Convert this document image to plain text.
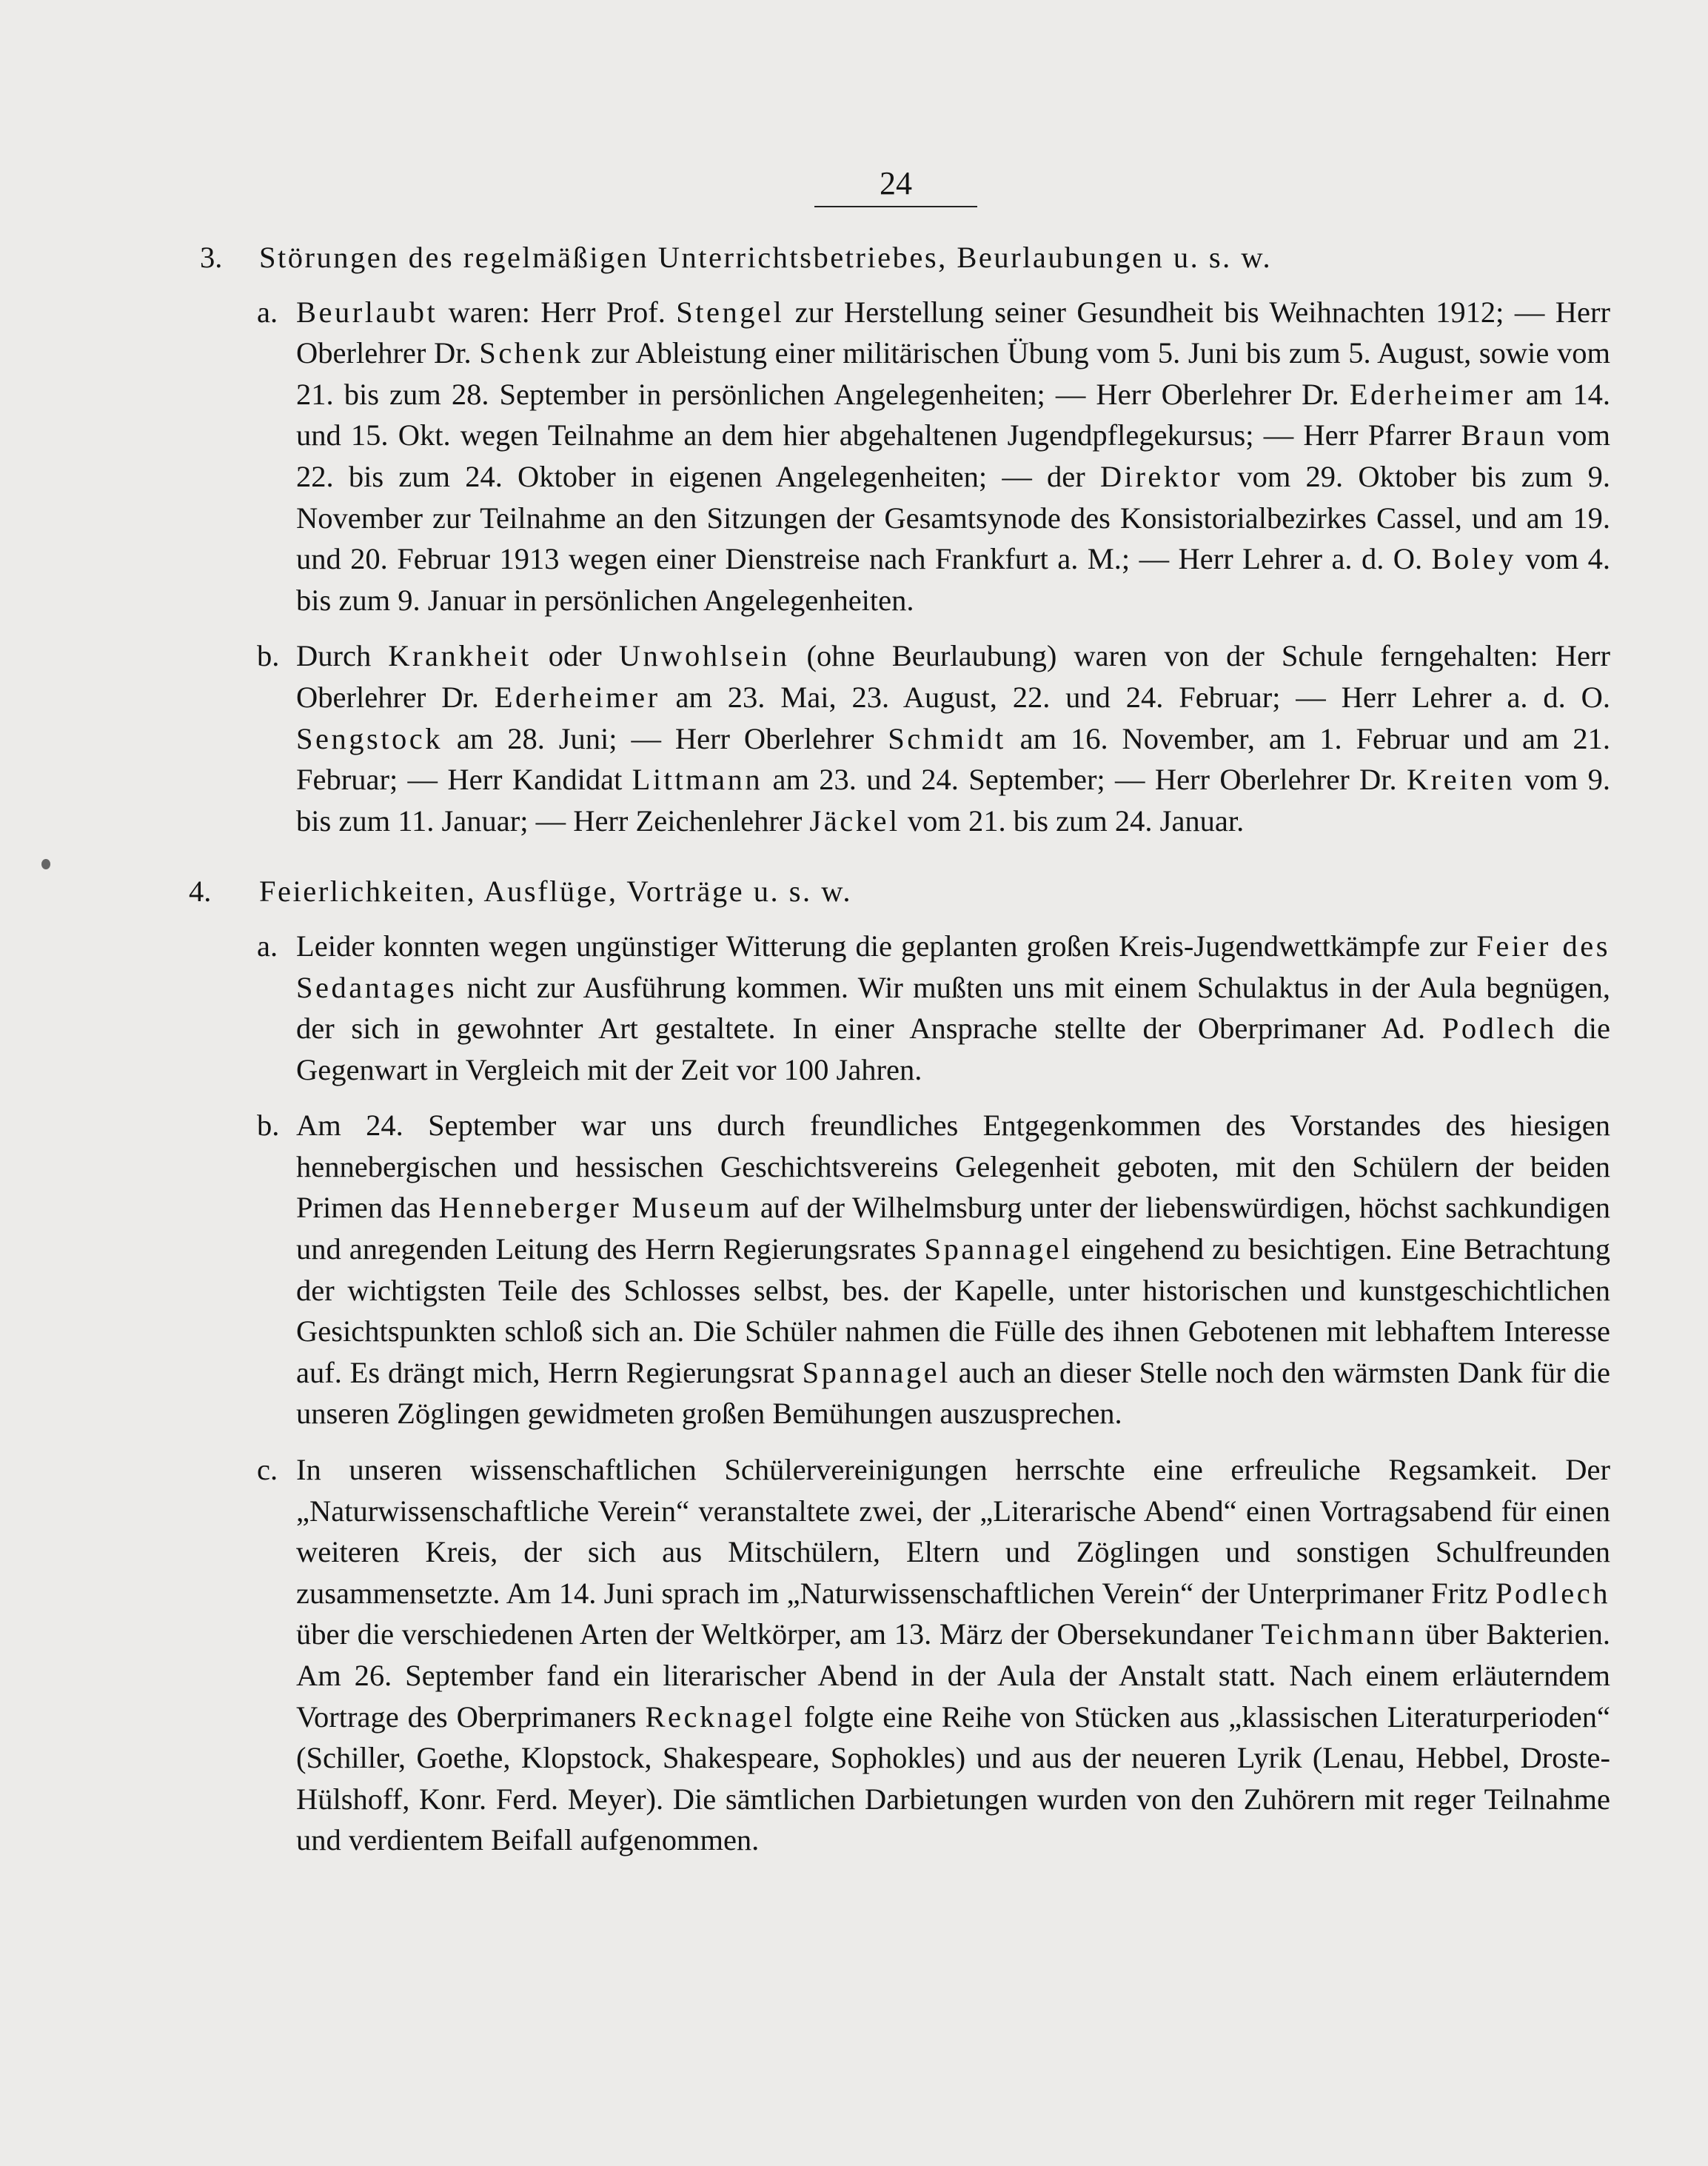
24
3. Störungen des regelmäßigen Unterrichtsbetriebes, Beurlaubungen u. s. w.
a. Beurlaubt waren: Herr Prof. Stengel zur Herstellung seiner Gesundheit bis Weihnachten 1912; — Herr Oberlehrer Dr. Schenk zur Ableistung einer militärischen Übung vom 5. Juni bis zum 5. August, sowie vom 21. bis zum 28. September in persönlichen Angelegenheiten; — Herr Oberlehrer Dr. Ederheimer am 14. und 15. Okt. wegen Teilnahme an dem hier abgehaltenen Jugendpflegekursus; — Herr Pfarrer Braun vom 22. bis zum 24. Oktober in eigenen Angelegenheiten; — der Direktor vom 29. Oktober bis zum 9. November zur Teilnahme an den Sitzungen der Gesamtsynode des Konsistorialbezirkes Cassel, und am 19. und 20. Februar 1913 wegen einer Dienstreise nach Frankfurt a. M.; — Herr Lehrer a. d. O. Boley vom 4. bis zum 9. Januar in persönlichen Angelegenheiten.
b. Durch Krankheit oder Unwohlsein (ohne Beurlaubung) waren von der Schule ferngehalten: Herr Oberlehrer Dr. Ederheimer am 23. Mai, 23. August, 22. und 24. Februar; — Herr Lehrer a. d. O. Sengstock am 28. Juni; — Herr Oberlehrer Schmidt am 16. November, am 1. Februar und am 21. Februar; — Herr Kandidat Littmann am 23. und 24. September; — Herr Oberlehrer Dr. Kreiten vom 9. bis zum 11. Januar; — Herr Zeichenlehrer Jäckel vom 21. bis zum 24. Januar.
4. Feierlichkeiten, Ausflüge, Vorträge u. s. w.
a. Leider konnten wegen ungünstiger Witterung die geplanten großen Kreis-Jugendwettkämpfe zur Feier des Sedantages nicht zur Ausführung kommen. Wir mußten uns mit einem Schulaktus in der Aula begnügen, der sich in gewohnter Art gestaltete. In einer Ansprache stellte der Oberprimaner Ad. Podlech die Gegenwart in Vergleich mit der Zeit vor 100 Jahren.
b. Am 24. September war uns durch freundliches Entgegenkommen des Vorstandes des hiesigen hennebergischen und hessischen Geschichtsvereins Gelegenheit geboten, mit den Schülern der beiden Primen das Henneberger Museum auf der Wilhelmsburg unter der liebenswürdigen, höchst sachkundigen und anregenden Leitung des Herrn Regierungsrates Spannagel eingehend zu besichtigen. Eine Betrachtung der wichtigsten Teile des Schlosses selbst, bes. der Kapelle, unter historischen und kunstgeschichtlichen Gesichtspunkten schloß sich an. Die Schüler nahmen die Fülle des ihnen Gebotenen mit lebhaftem Interesse auf. Es drängt mich, Herrn Regierungsrat Spannagel auch an dieser Stelle noch den wärmsten Dank für die unseren Zöglingen gewidmeten großen Bemühungen auszusprechen.
c. In unseren wissenschaftlichen Schülervereinigungen herrschte eine erfreuliche Regsamkeit. Der „Naturwissenschaftliche Verein“ veranstaltete zwei, der „Literarische Abend“ einen Vortragsabend für einen weiteren Kreis, der sich aus Mitschülern, Eltern und Zöglingen und sonstigen Schulfreunden zusammensetzte. Am 14. Juni sprach im „Naturwissenschaftlichen Verein“ der Unterprimaner Fritz Podlech über die verschiedenen Arten der Weltkörper, am 13. März der Obersekundaner Teichmann über Bakterien. Am 26. September fand ein literarischer Abend in der Aula der Anstalt statt. Nach einem erläuterndem Vortrage des Oberprimaners Recknagel folgte eine Reihe von Stücken aus „klassischen Literaturperioden“ (Schiller, Goethe, Klopstock, Shakespeare, Sophokles) und aus der neueren Lyrik (Lenau, Hebbel, Droste-Hülshoff, Konr. Ferd. Meyer). Die sämtlichen Darbietungen wurden von den Zuhörern mit reger Teilnahme und verdientem Beifall aufgenommen.
